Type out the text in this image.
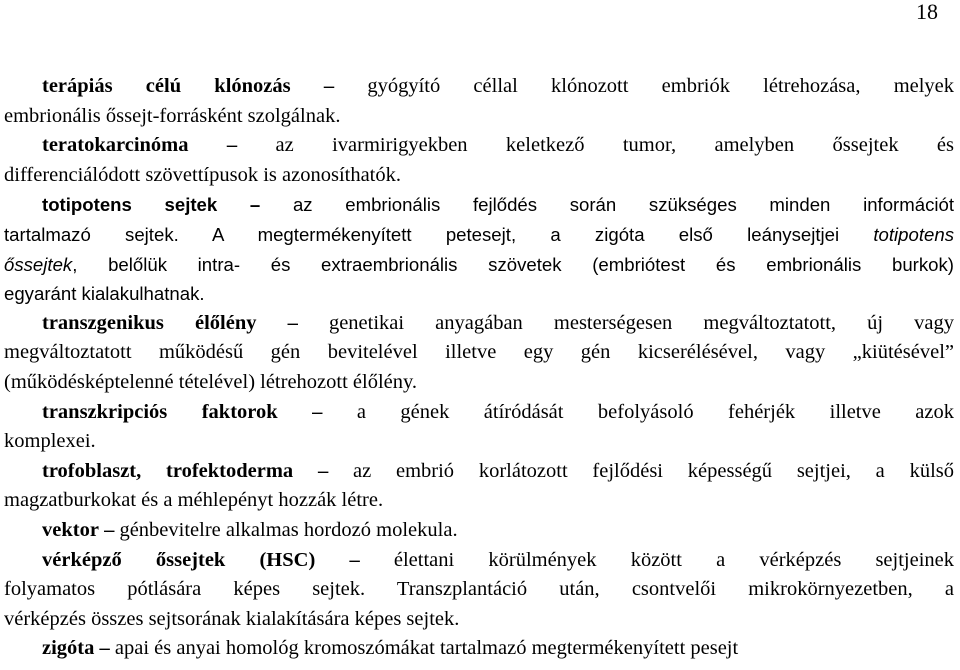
18
terápiás célú klónozás – gyógyító céllal klónozott embriók létrehozása, melyek
embrionális őssejt-forrásként szolgálnak.
teratokarcinóma – az ivarmirigyekben keletkező tumor, amelyben őssejtek és
differenciálódott szövettípusok is azonosíthatók.
totipotens sejtek – az embrionális fejlődés során szükséges minden információt
tartalmazó sejtek. A megtermékenyített petesejt, a zigóta első leánysejtjei totipotens
őssejtek, belőlük intra- és extraembrionális szövetek (embriótest és embrionális burkok)
egyaránt kialakulhatnak.
transzgenikus élőlény – genetikai anyagában mesterségesen megváltoztatott, új vagy
megváltoztatott működésű gén bevitelével illetve egy gén kicserélésével, vagy „kiütésével”
(működésképtelenné tételével) létrehozott élőlény.
transzkripciós faktorok – a gének átíródását befolyásoló fehérjék illetve azok
komplexei.
trofoblaszt, trofektoderma – az embrió korlátozott fejlődési képességű sejtjei, a külső
magzatburkokat és a méhlepényt hozzák létre.
vektor – génbevitelre alkalmas hordozó molekula.
vérképző őssejtek (HSC) – élettani körülmények között a vérképzés sejtjeinek
folyamatos pótlására képes sejtek. Transzplantáció után, csontvelői mikrokörnyezetben, a
vérképzés összes sejtsorának kialakítására képes sejtek.
zigóta – apai és anyai homológ kromoszómákat tartalmazó megtermékenyített pesejt
